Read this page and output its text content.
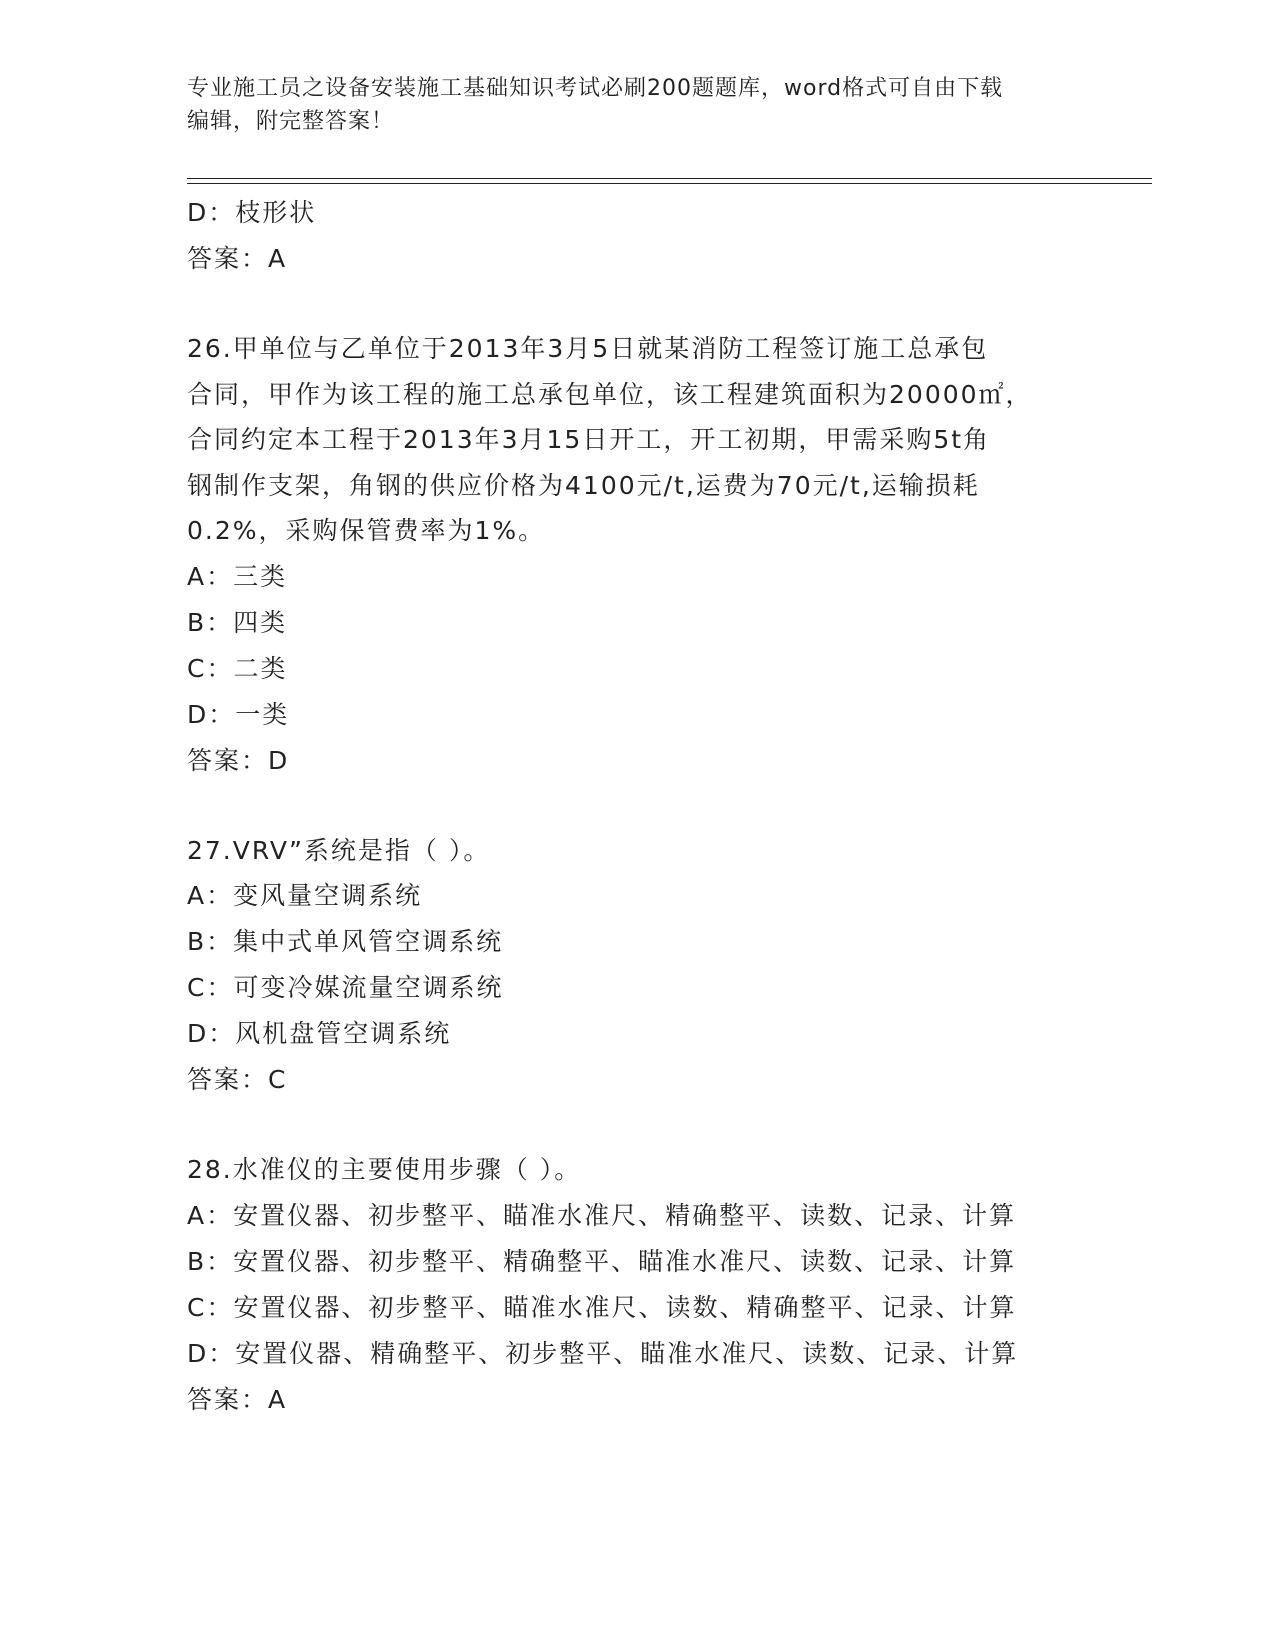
专业施工员之设备安装施工基础知识考试必刷200题题库，word格式可自由下载
编辑，附完整答案！
D：枝形状
答案：A
26.甲单位与乙单位于2013年3月5日就某消防工程签订施工总承包
合同，甲作为该工程的施工总承包单位，该工程建筑面积为20000㎡，
合同约定本工程于2013年3月15日开工，开工初期，甲需采购5t角
钢制作支架，角钢的供应价格为4100元/t,运费为70元/t,运输损耗
0.2%，采购保管费率为1%。
A：三类
B：四类
C：二类
D：一类
答案：D
27.VRV”系统是指（ ）。
A：变风量空调系统
B：集中式单风管空调系统
C：可变冷媒流量空调系统
D：风机盘管空调系统
答案：C
28.水准仪的主要使用步骤（ ）。
A：安置仪器、初步整平、瞄准水准尺、精确整平、读数、记录、计算
B：安置仪器、初步整平、精确整平、瞄准水准尺、读数、记录、计算
C：安置仪器、初步整平、瞄准水准尺、读数、精确整平、记录、计算
D：安置仪器、精确整平、初步整平、瞄准水准尺、读数、记录、计算
答案：A
